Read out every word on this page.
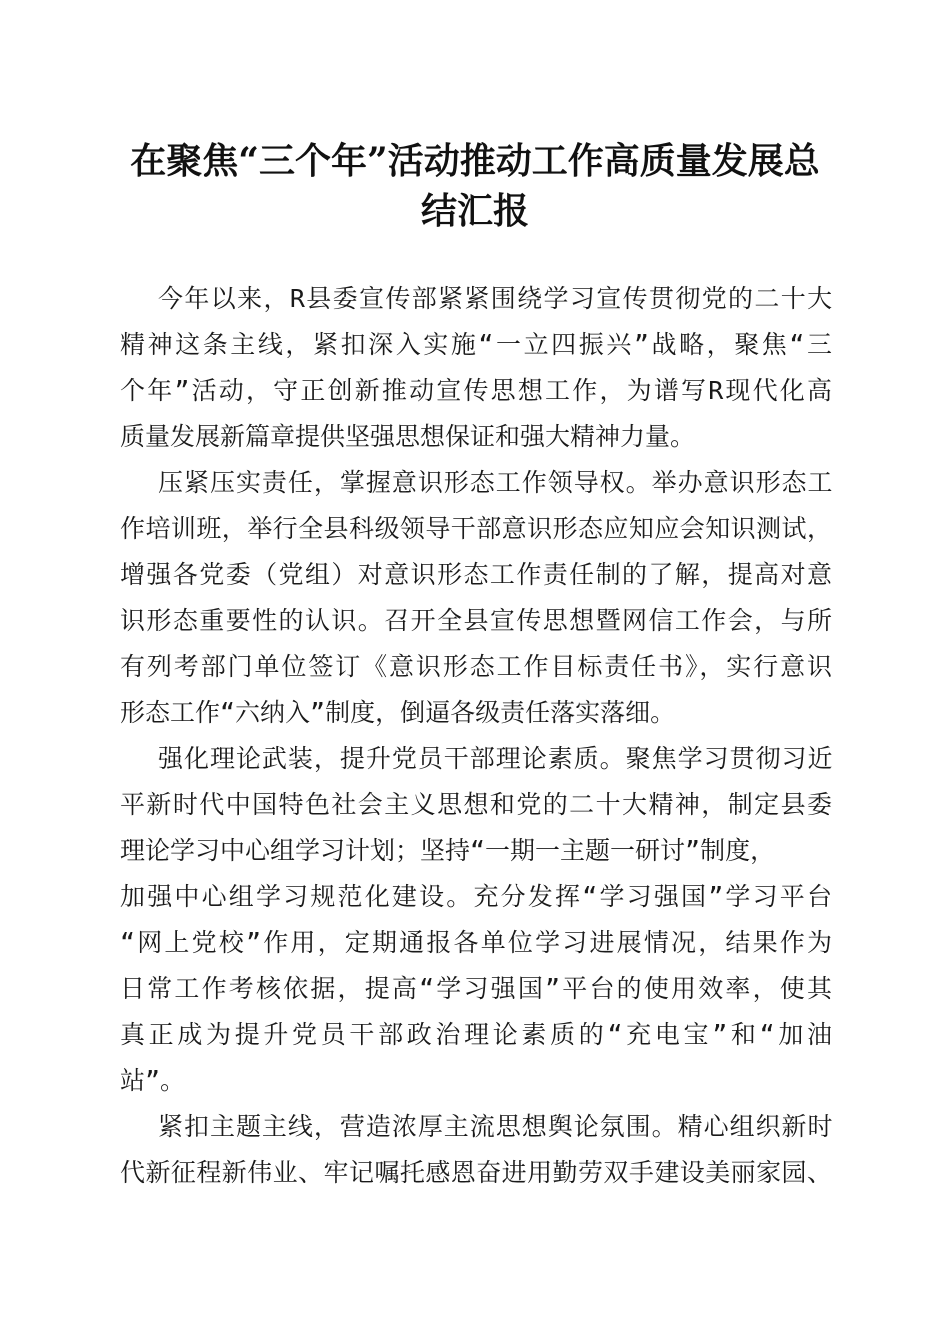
在聚焦“三个年”活动推动工作高质量发展总
结汇报

今年以来，R县委宣传部紧紧围绕学习宣传贯彻党的二十大
精神这条主线，紧扣深入实施“一立四振兴”战略，聚焦“三
个年”活动，守正创新推动宣传思想工作，为谱写R现代化高
质量发展新篇章提供坚强思想保证和强大精神力量。

压紧压实责任，掌握意识形态工作领导权。举办意识形态工
作培训班，举行全县科级领导干部意识形态应知应会知识测试，
增强各党委（党组）对意识形态工作责任制的了解，提高对意
识形态重要性的认识。召开全县宣传思想暨网信工作会，与所
有列考部门单位签订《意识形态工作目标责任书》，实行意识
形态工作“六纳入”制度，倒逼各级责任落实落细。

强化理论武装，提升党员干部理论素质。聚焦学习贯彻习近
平新时代中国特色社会主义思想和党的二十大精神，制定县委
理论学习中心组学习计划；坚持“一期一主题一研讨”制度，
加强中心组学习规范化建设。充分发挥“学习强国”学习平台
“网上党校”作用，定期通报各单位学习进展情况，结果作为
日常工作考核依据，提高“学习强国”平台的使用效率，使其
真正成为提升党员干部政治理论素质的“充电宝”和“加油
站”。

紧扣主题主线，营造浓厚主流思想舆论氛围。精心组织新时
代新征程新伟业、牢记嘱托感恩奋进用勤劳双手建设美丽家园、
